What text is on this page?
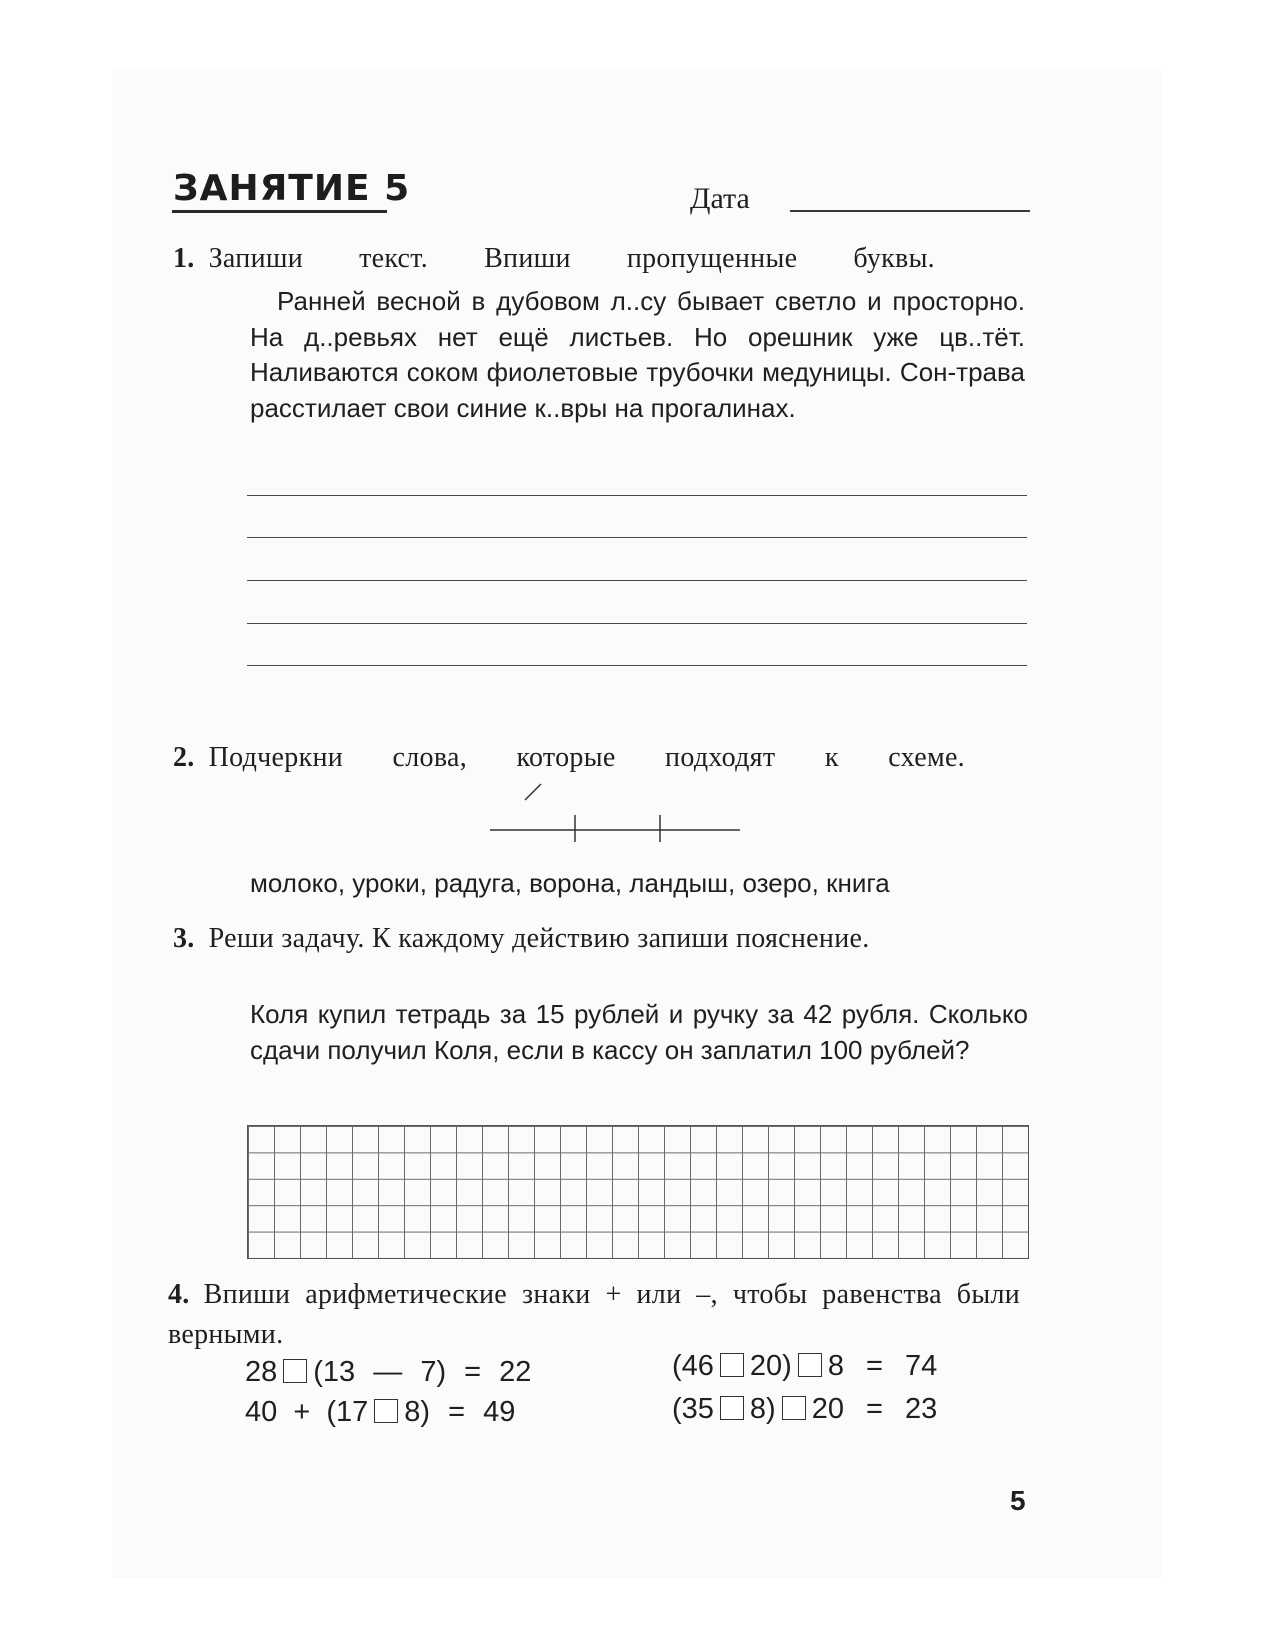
ЗАНЯТИЕ 5	Дата
1. Запиши текст. Впиши пропущенные буквы.
Ранней весной в дубовом л..су бывает светло и просторно. На д..ревьях нет ещё листьев. Но орешник уже цв..тёт. Наливаются соком фиолетовые трубочки медуницы. Сон-трава расстилает свои синие к..вры на прогалинах.
2. Подчеркни слова, которые подходят к схеме.
молоко, уроки, радуга, ворона, ландыш, озеро, книга
3. Реши задачу. К каждому действию запиши пояснение.
Коля купил тетрадь за 15 рублей и ручку за 42 рубля. Сколько сдачи получил Коля, если в кассу он заплатил 100 рублей?
4. Впиши арифметические знаки + или –, чтобы равенства были верными.
28 (13 — 7) = 22
40 + (17 8) = 49
(46 20) 8 = 74
(35 8) 20 = 23
5
